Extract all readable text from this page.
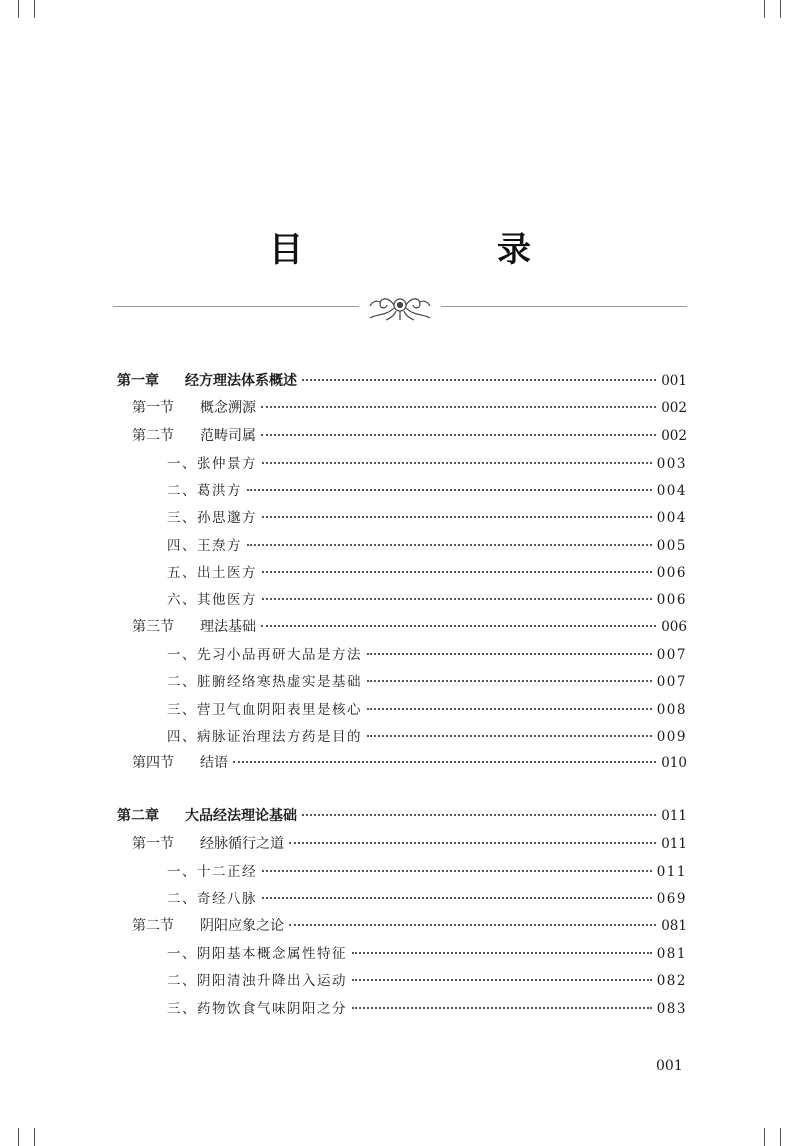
目　录
第一章 经方理法体系概述	001
第一节 概念溯源	002
第二节 范畴司属	002
一、张仲景方	003
二、葛洪方	004
三、孙思邈方	004
四、王焘方	005
五、出土医方	006
六、其他医方	006
第三节 理法基础	006
一、先习小品再研大品是方法	007
二、脏腑经络寒热虚实是基础	007
三、营卫气血阴阳表里是核心	008
四、病脉证治理法方药是目的	009
第四节 结语	010
第二章 大品经法理论基础	011
第一节 经脉循行之道	011
一、十二正经	011
二、奇经八脉	069
第二节 阴阳应象之论	081
一、阴阳基本概念属性特征	081
二、阴阳清浊升降出入运动	082
三、药物饮食气味阴阳之分	083
001
